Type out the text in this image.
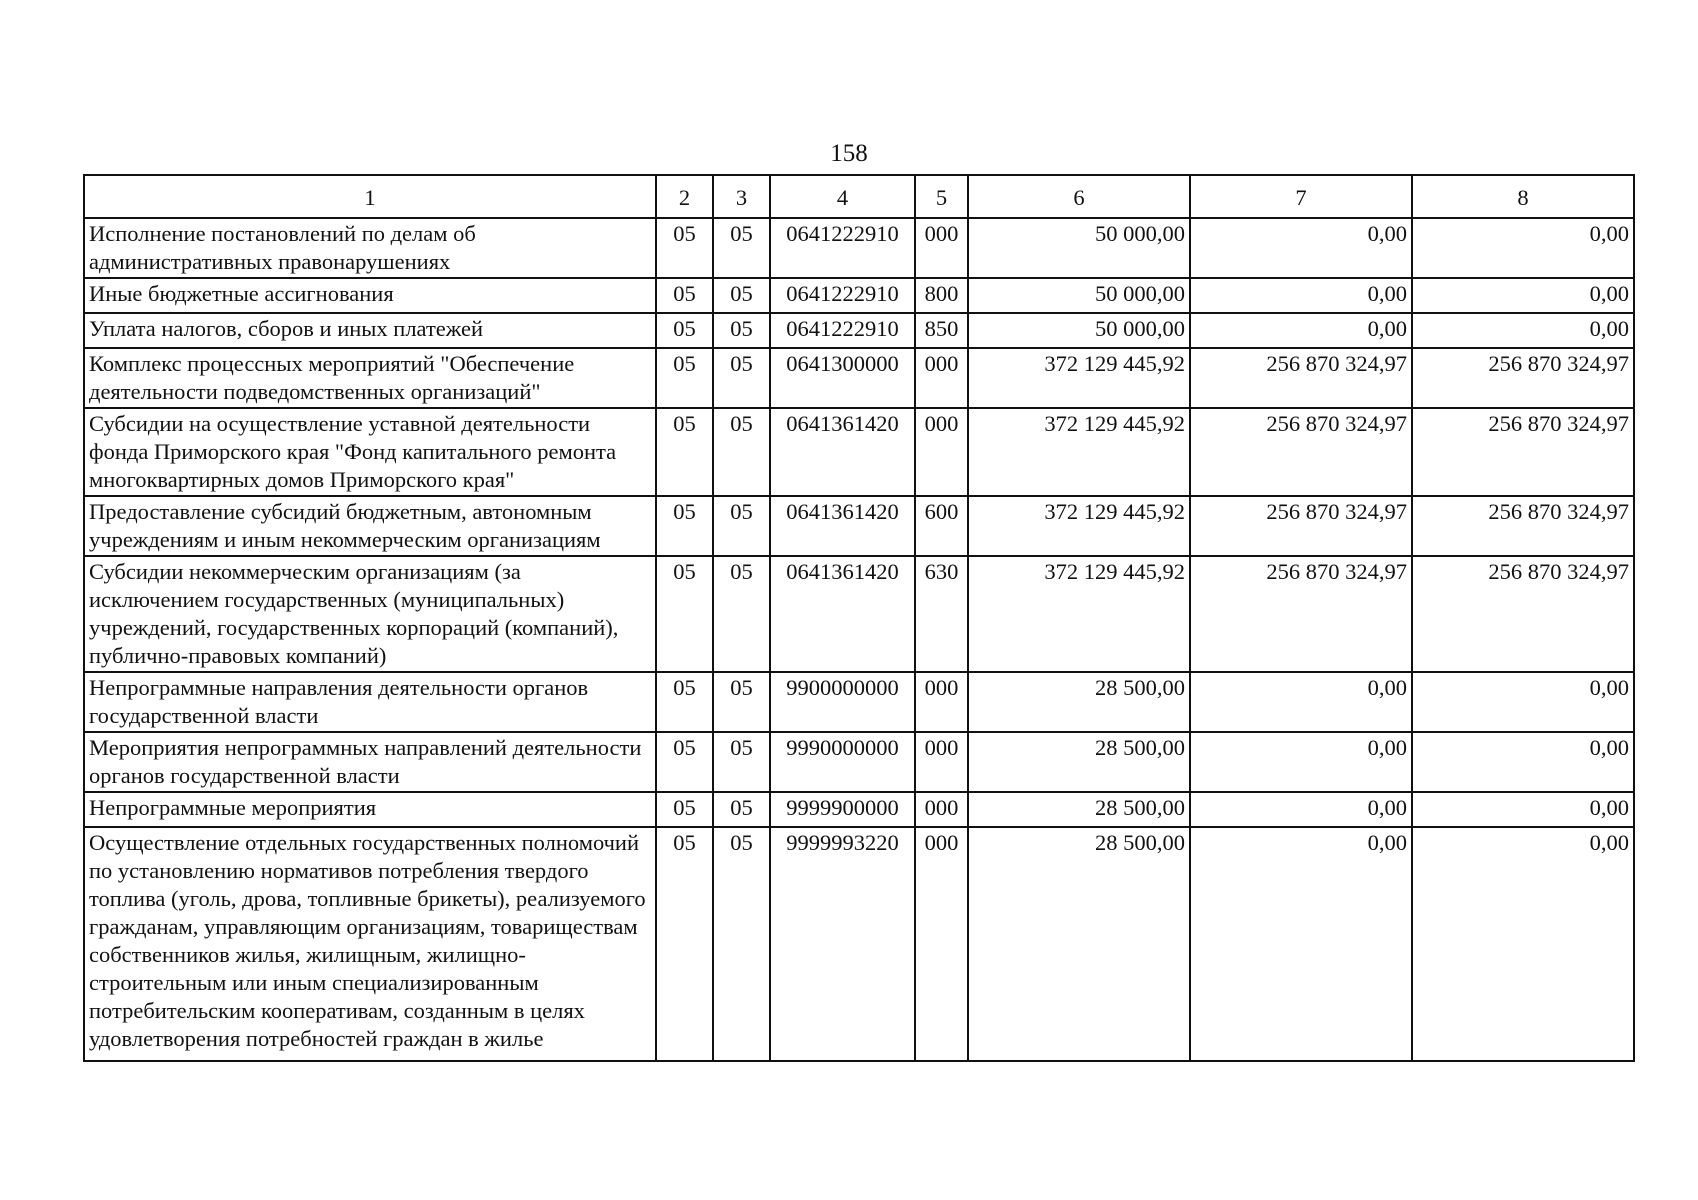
158
1	2	3	4	5	6	7	8
Исполнение постановлений по делам об административных правонарушениях	05	05	0641222910	000	50 000,00	0,00	0,00
Иные бюджетные ассигнования	05	05	0641222910	800	50 000,00	0,00	0,00
Уплата налогов, сборов и иных платежей	05	05	0641222910	850	50 000,00	0,00	0,00
Комплекс процессных мероприятий "Обеспечение деятельности подведомственных организаций"	05	05	0641300000	000	372 129 445,92	256 870 324,97	256 870 324,97
Субсидии на осуществление уставной деятельности фонда Приморского края "Фонд капитального ремонта многоквартирных домов Приморского края"	05	05	0641361420	000	372 129 445,92	256 870 324,97	256 870 324,97
Предоставление субсидий бюджетным, автономным учреждениям и иным некоммерческим организациям	05	05	0641361420	600	372 129 445,92	256 870 324,97	256 870 324,97
Субсидии некоммерческим организациям (за исключением государственных (муниципальных) учреждений, государственных корпораций (компаний), публично-правовых компаний)	05	05	0641361420	630	372 129 445,92	256 870 324,97	256 870 324,97
Непрограммные направления деятельности органов государственной власти	05	05	9900000000	000	28 500,00	0,00	0,00
Мероприятия непрограммных направлений деятельности органов государственной власти	05	05	9990000000	000	28 500,00	0,00	0,00
Непрограммные мероприятия	05	05	9999900000	000	28 500,00	0,00	0,00
Осуществление отдельных государственных полномочий по установлению нормативов потребления твердого топлива (уголь, дрова, топливные брикеты), реализуемого гражданам, управляющим организациям, товариществам собственников жилья, жилищным, жилищно-строительным или иным специализированным потребительским кооперативам, созданным в целях удовлетворения потребностей граждан в жилье	05	05	9999993220	000	28 500,00	0,00	0,00
